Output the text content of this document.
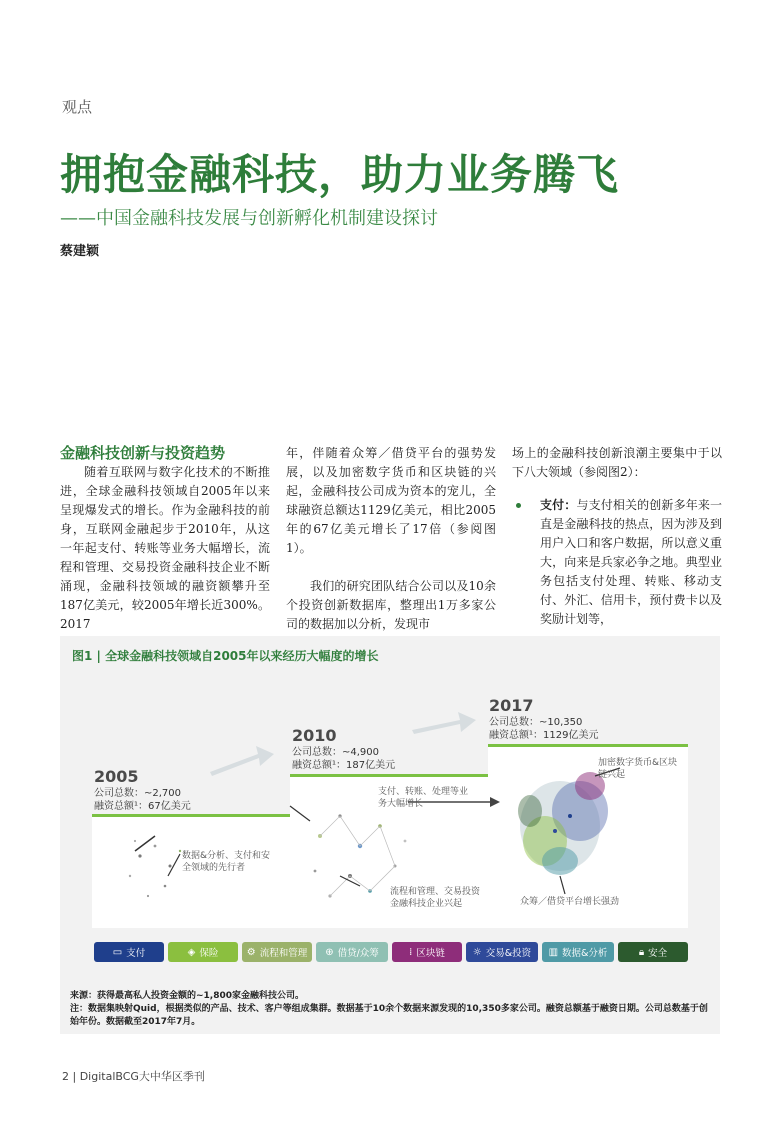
观点
拥抱金融科技，助力业务腾飞
——中国金融科技发展与创新孵化机制建设探讨
蔡建颖

金融科技创新与投资趋势

随着互联网与数字化技术的不断推进，全球金融科技领域自2005年以来呈现爆发式的增长。作为金融科技的前身，互联网金融起步于2010年，从这一年起支付、转账等业务大幅增长，流程和管理、交易投资金融科技企业不断涌现，金融科技领域的融资额攀升至187亿美元，较2005年增长近300%。2017

年，伴随着众筹／借贷平台的强势发展，以及加密数字货币和区块链的兴起，金融科技公司成为资本的宠儿，全球融资总额达1129亿美元，相比2005年的67亿美元增长了17倍（参阅图1）。

我们的研究团队结合公司以及10余个投资创新数据库，整理出1万多家公司的数据加以分析，发现市

场上的金融科技创新浪潮主要集中于以下八大领域（参阅图2）：

支付：与支付相关的创新多年来一直是金融科技的热点，因为涉及到用户入口和客户数据，所以意义重大，向来是兵家必争之地。典型业务包括支付处理、转账、移动支付、外汇、信用卡，预付费卡以及奖励计划等，

图1 | 全球金融科技领域自2005年以来经历大幅度的增长
2005
公司总数：~2,700
融资总额¹：67亿美元
2010
公司总数：~4,900
融资总额¹：187亿美元
2017
公司总数：~10,350
融资总额¹：1129亿美元
数据&分析、支付和安全领域的先行者
支付、转账、处理等业务大幅增长
流程和管理、交易投资金融科技企业兴起
加密数字货币&区块链兴起
众筹／借贷平台增长强劲
▭ 支付	◈ 保险	⚙ 流程和管理 ⊕ 借贷/众筹	⁞ 区块链	☼ 交易&投资 ▥ 数据&分析	🔒︎ 安全
来源：获得最高私人投资金额的~1,800家金融科技公司。
注：数据集映射Quid，根据类似的产品、技术、客户等组成集群。数据基于10余个数据来源发现的10,350多家公司。融资总额基于融资日期。公司总数基于创始年份。数据截至2017年7月。
2 | DigitalBCG大中华区季刊
